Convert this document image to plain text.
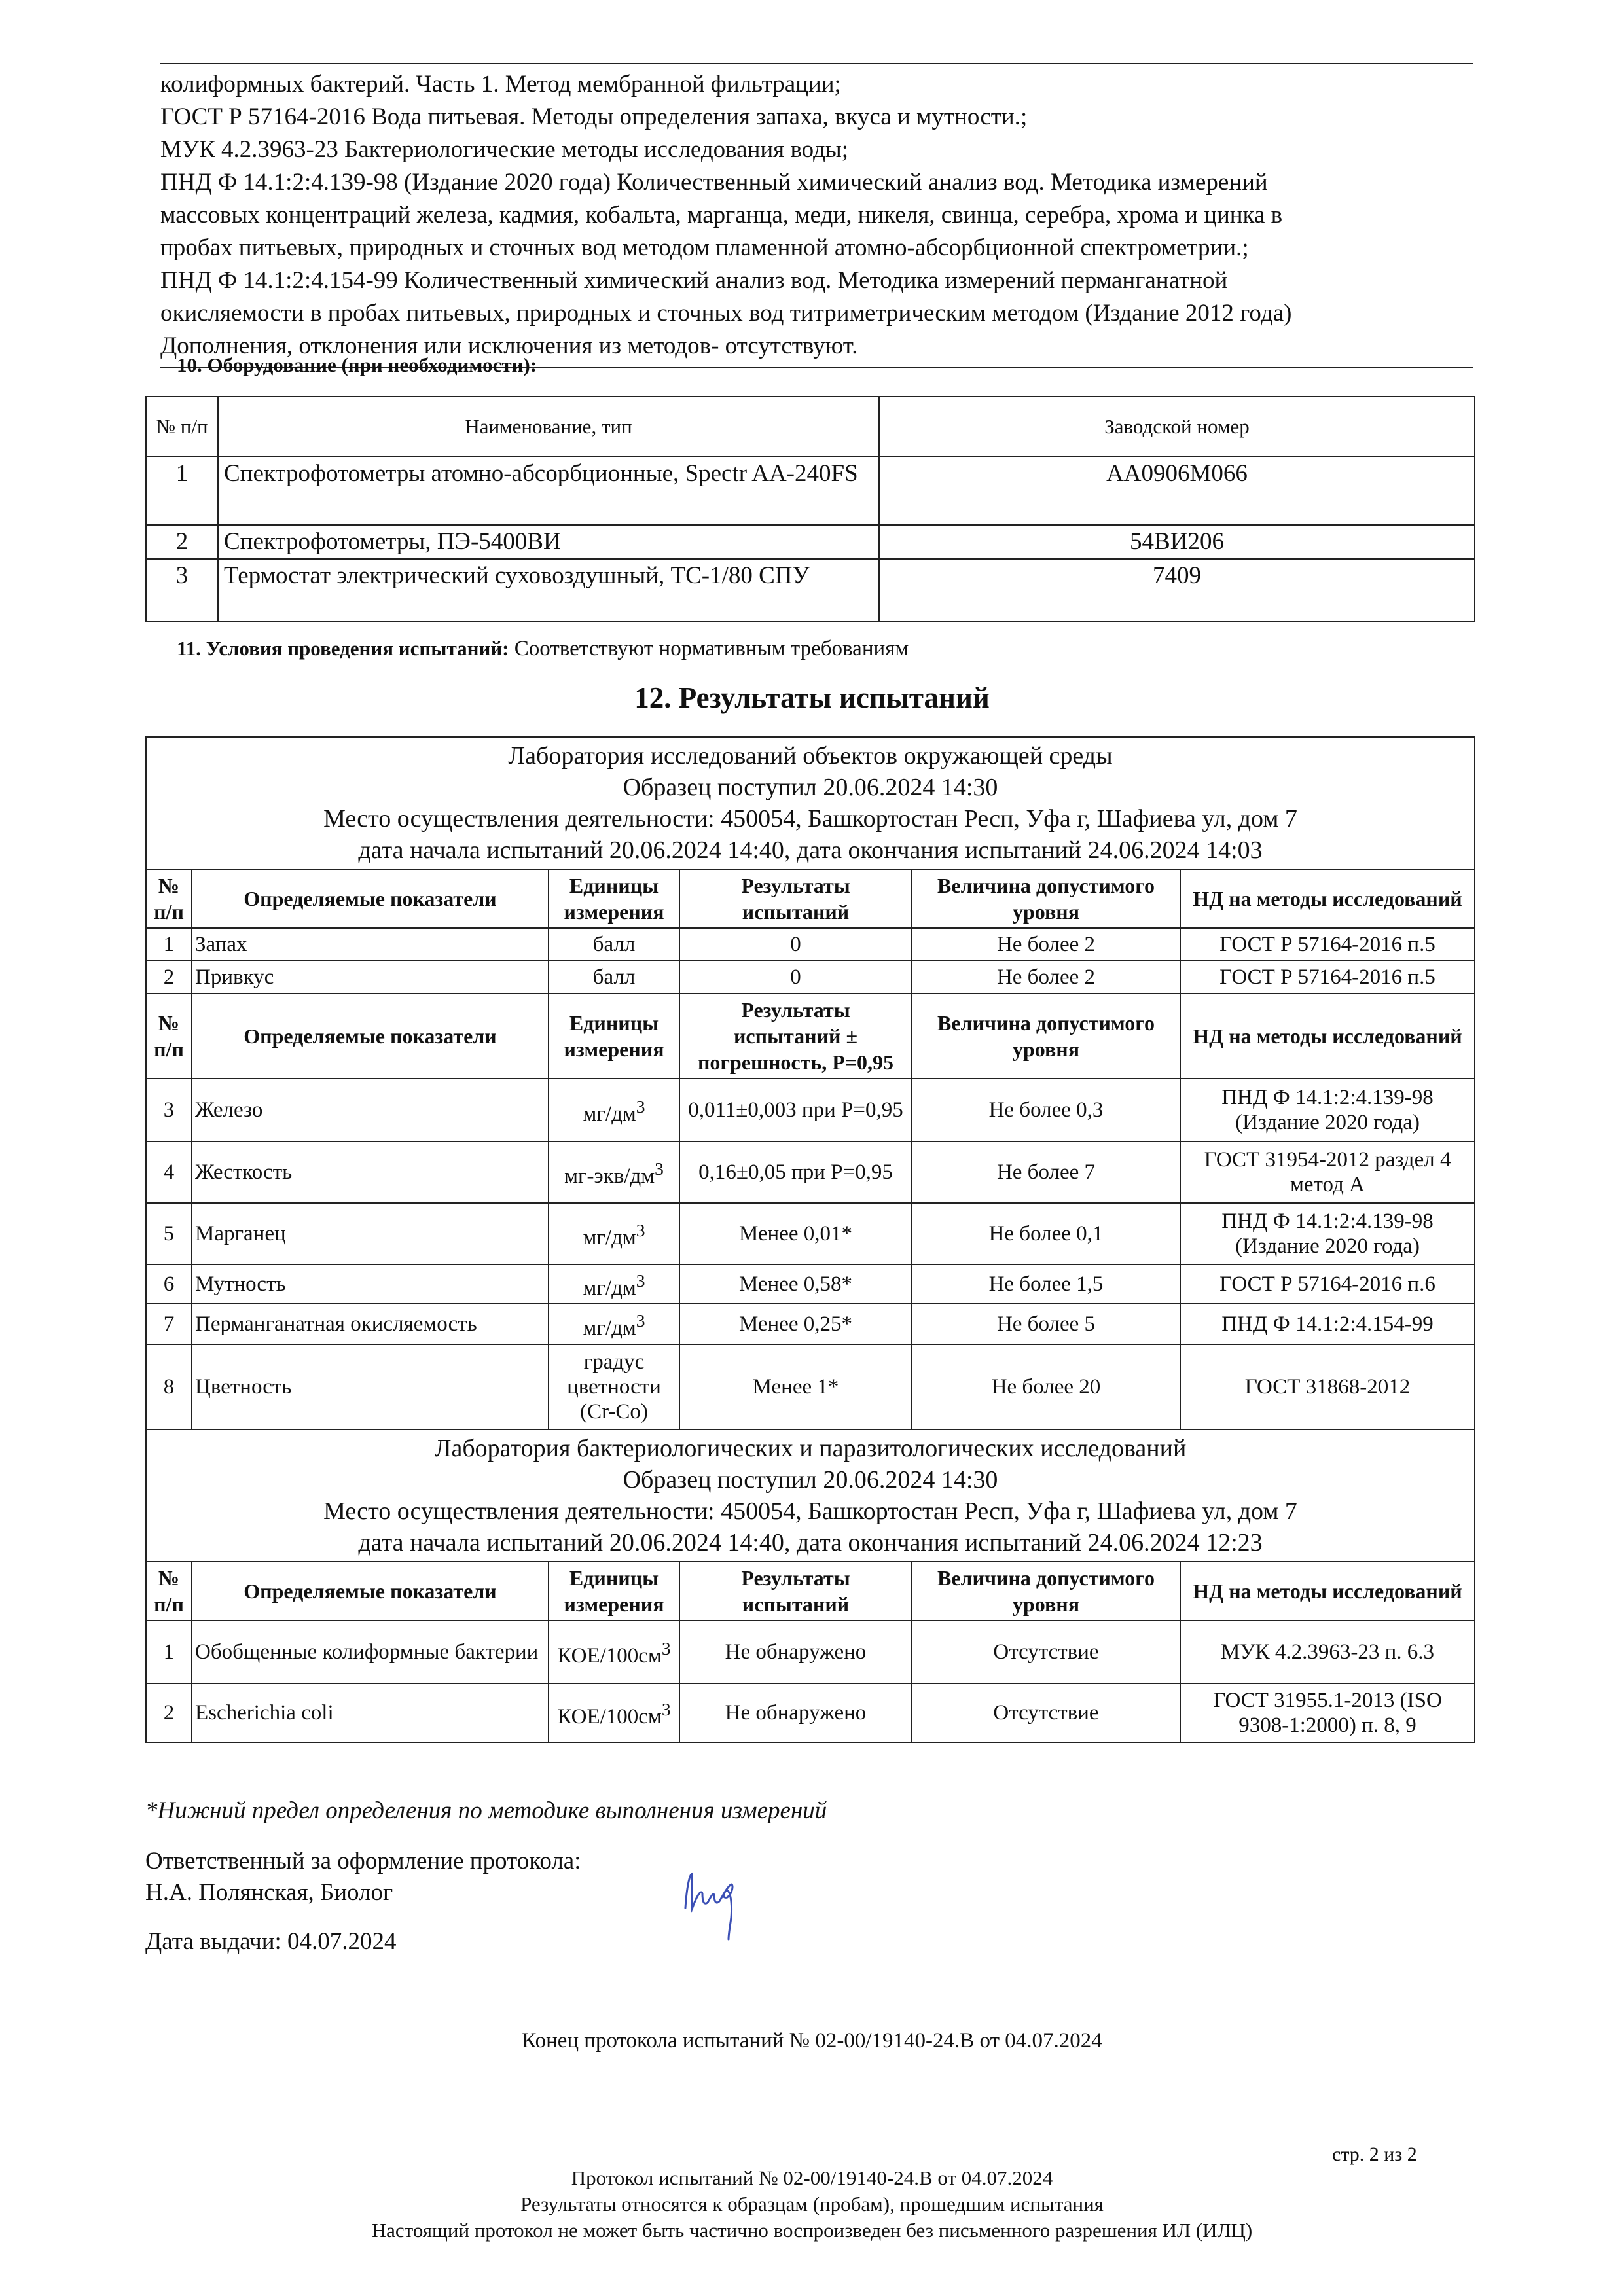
колиформных бактерий. Часть 1. Метод мембранной фильтрации;
ГОСТ Р 57164-2016 Вода питьевая. Методы определения запаха, вкуса и мутности.;
МУК 4.2.3963-23 Бактериологические методы исследования воды;
ПНД Ф 14.1:2:4.139-98 (Издание 2020 года) Количественный химический анализ вод. Методика измерений
массовых концентраций железа, кадмия, кобальта, марганца, меди, никеля, свинца, серебра, хрома и цинка в
пробах питьевых, природных и сточных вод методом пламенной атомно-абсорбционной спектрометрии.;
ПНД Ф 14.1:2:4.154-99 Количественный химический анализ вод. Методика измерений перманганатной
окисляемости в пробах питьевых, природных и сточных вод титриметрическим методом (Издание 2012 года)
Дополнения, отклонения или исключения из методов- отсутствуют.
10. Оборудование (при необходимости):
№ п/п	Наименование, тип	Заводской номер
1	Спектрофотометры атомно-абсорбционные, Spectr AA-240FS	AA0906M066
2	Спектрофотометры, ПЭ-5400ВИ	54ВИ206
3	Термостат электрический суховоздушный, ТС-1/80 СПУ	7409
11. Условия проведения испытаний: Соответствуют нормативным требованиям
12. Результаты испытаний
Лаборатория исследований объектов окружающей среды
Образец поступил 20.06.2024 14:30
Место осуществления деятельности: 450054, Башкортостан Респ, Уфа г, Шафиева ул, дом 7
дата начала испытаний 20.06.2024 14:40, дата окончания испытаний 24.06.2024 14:03					

№ п/п	Определяемые показатели	Единицы измерения	Результаты испытаний	Величина допустимого уровня	НД на методы исследований
1	Запах	балл	0	Не более 2	ГОСТ Р 57164-2016 п.5
2	Привкус	балл	0	Не более 2	ГОСТ Р 57164-2016 п.5
№ п/п	Определяемые показатели	Единицы измерения	Результаты испытаний ± погрешность, P=0,95	Величина допустимого уровня	НД на методы исследований
3	Железо	$мг/дм^3$	0,011±0,003 при P=0,95	Не более 0,3	ПНД Ф 14.1:2:4.139-98 (Издание 2020 года)
4	Жесткость	$мг-экв/дм^3$	0,16±0,05 при P=0,95	Не более 7	ГОСТ 31954-2012 раздел 4 метод А
5	Марганец	$мг/дм^3$	Менее 0,01*	Не более 0,1	ПНД Ф 14.1:2:4.139-98 (Издание 2020 года)
6	Мутность	$мг/дм^3$	Менее 0,58*	Не более 1,5	ГОСТ Р 57164-2016 п.6
7	Перманганатная окисляемость	$мг/дм^3$	Менее 0,25*	Не более 5	ПНД Ф 14.1:2:4.154-99
8	Цветность	градус цветности (Cr-Co)	Менее 1*	Не более 20	ГОСТ 31868-2012

Лаборатория бактериологических и паразитологических исследований
Образец поступил 20.06.2024 14:30
Место осуществления деятельности: 450054, Башкортостан Респ, Уфа г, Шафиева ул, дом 7
дата начала испытаний 20.06.2024 14:40, дата окончания испытаний 24.06.2024 12:23					

№ п/п	Определяемые показатели	Единицы измерения	Результаты испытаний	Величина допустимого уровня	НД на методы исследований
1	Обобщенные колиформные бактерии	КОЕ/$100см^3$	Не обнаружено	Отсутствие	МУК 4.2.3963-23 п. 6.3
2	Escherichia coli	КОЕ/$100см^3$	Не обнаружено	Отсутствие	ГОСТ 31955.1-2013 (ISO 9308-1:2000) п. 8, 9
*Нижний предел определения по методике выполнения измерений
Ответственный за оформление протокола:
Н.А. Полянская, Биолог
Дата выдачи: 04.07.2024
Конец протокола испытаний № 02-00/19140-24.В от 04.07.2024
стр. 2 из 2
Протокол испытаний № 02-00/19140-24.В от 04.07.2024
Результаты относятся к образцам (пробам), прошедшим испытания
Настоящий протокол не может быть частично воспроизведен без письменного разрешения ИЛ (ИЛЦ)
